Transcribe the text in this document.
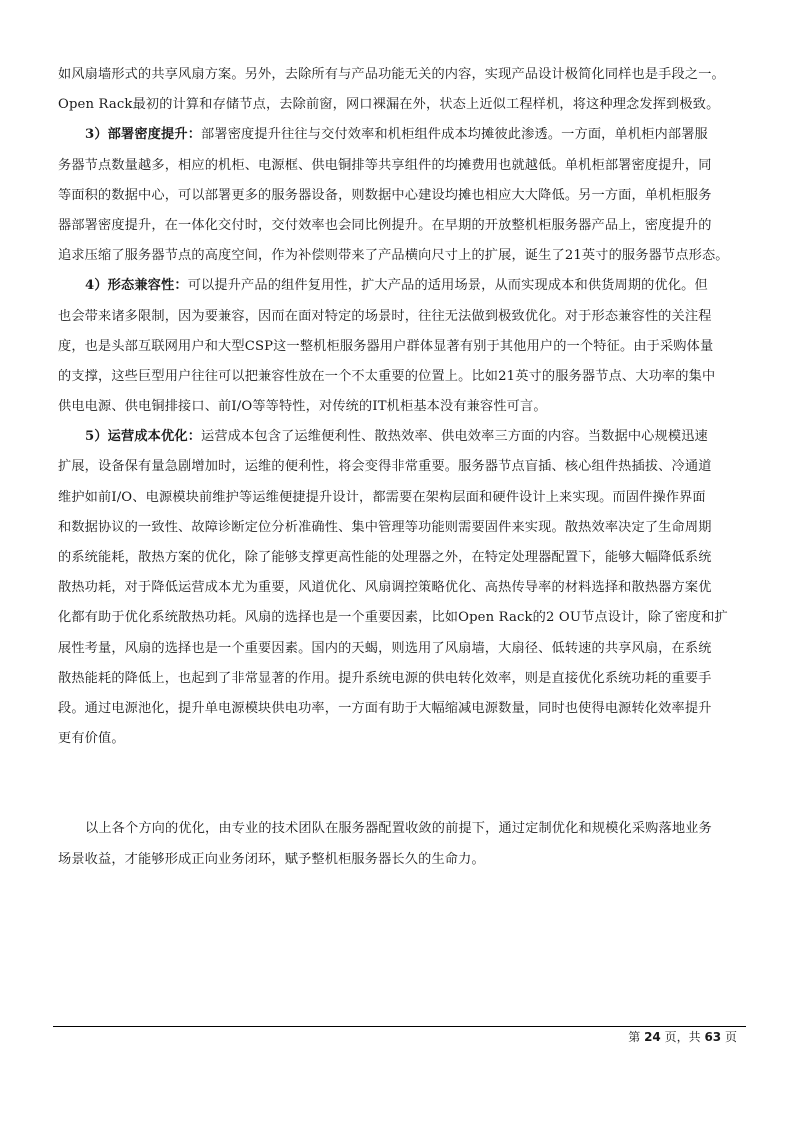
如风扇墙形式的共享风扇方案。另外，去除所有与产品功能无关的内容，实现产品设计极简化同样也是手段之一。
Open Rack最初的计算和存储节点，去除前窗，网口裸漏在外，状态上近似工程样机，将这种理念发挥到极致。
3）部署密度提升：部署密度提升往往与交付效率和机柜组件成本均摊彼此渗透。一方面，单机柜内部署服
务器节点数量越多，相应的机柜、电源框、供电铜排等共享组件的均摊费用也就越低。单机柜部署密度提升，同
等面积的数据中心，可以部署更多的服务器设备，则数据中心建设均摊也相应大大降低。另一方面，单机柜服务
器部署密度提升，在一体化交付时，交付效率也会同比例提升。在早期的开放整机柜服务器产品上，密度提升的
追求压缩了服务器节点的高度空间，作为补偿则带来了产品横向尺寸上的扩展，诞生了21英寸的服务器节点形态。
4）形态兼容性：可以提升产品的组件复用性，扩大产品的适用场景，从而实现成本和供货周期的优化。但
也会带来诸多限制，因为要兼容，因而在面对特定的场景时，往往无法做到极致优化。对于形态兼容性的关注程
度，也是头部互联网用户和大型CSP这一整机柜服务器用户群体显著有别于其他用户的一个特征。由于采购体量
的支撑，这些巨型用户往往可以把兼容性放在一个不太重要的位置上。比如21英寸的服务器节点、大功率的集中
供电电源、供电铜排接口、前I/O等等特性，对传统的IT机柜基本没有兼容性可言。
5）运营成本优化：运营成本包含了运维便利性、散热效率、供电效率三方面的内容。当数据中心规模迅速
扩展，设备保有量急剧增加时，运维的便利性，将会变得非常重要。服务器节点盲插、核心组件热插拔、冷通道
维护如前I/O、电源模块前维护等运维便捷提升设计，都需要在架构层面和硬件设计上来实现。而固件操作界面
和数据协议的一致性、故障诊断定位分析准确性、集中管理等功能则需要固件来实现。散热效率决定了生命周期
的系统能耗，散热方案的优化，除了能够支撑更高性能的处理器之外，在特定处理器配置下，能够大幅降低系统
散热功耗，对于降低运营成本尤为重要，风道优化、风扇调控策略优化、高热传导率的材料选择和散热器方案优
化都有助于优化系统散热功耗。风扇的选择也是一个重要因素，比如Open Rack的2 OU节点设计，除了密度和扩
展性考量，风扇的选择也是一个重要因素。国内的天蝎，则选用了风扇墙，大扇径、低转速的共享风扇，在系统
散热能耗的降低上，也起到了非常显著的作用。提升系统电源的供电转化效率，则是直接优化系统功耗的重要手
段。通过电源池化，提升单电源模块供电功率，一方面有助于大幅缩减电源数量，同时也使得电源转化效率提升
更有价值。
以上各个方向的优化，由专业的技术团队在服务器配置收敛的前提下，通过定制优化和规模化采购落地业务
场景收益，才能够形成正向业务闭环，赋予整机柜服务器长久的生命力。
第 24 页，共 63 页
